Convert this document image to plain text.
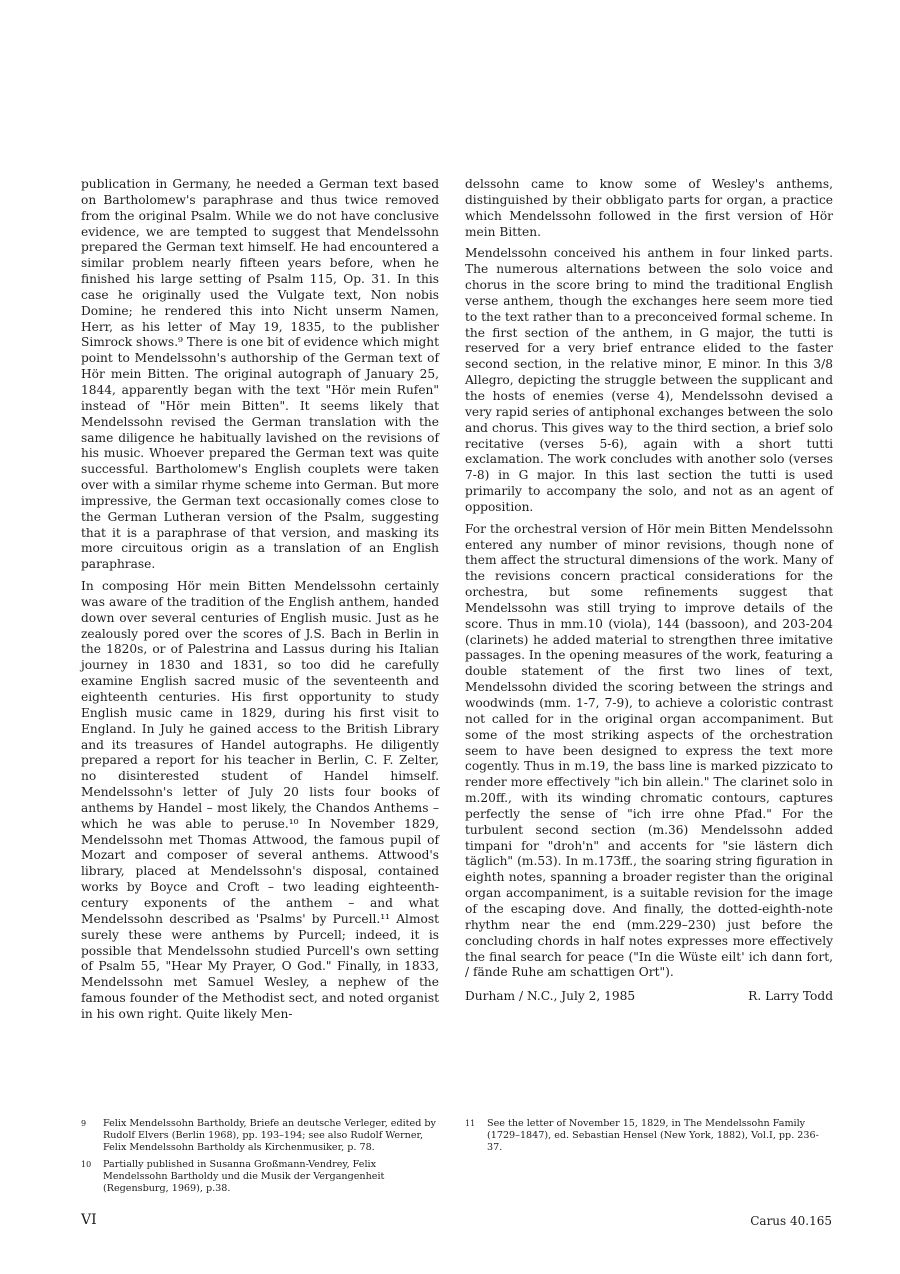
publication in Germany, he needed a German text based on Bartholomew's paraphrase and thus twice removed from the original Psalm. While we do not have conclusive evidence, we are tempted to suggest that Mendelssohn prepared the German text himself. He had encountered a similar problem nearly fifteen years before, when he finished his large setting of Psalm 115, Op. 31. In this case he originally used the Vulgate text, Non nobis Domine; he rendered this into Nicht unserm Namen, Herr, as his letter of May 19, 1835, to the publisher Simrock shows.⁹ There is one bit of evidence which might point to Mendelssohn's authorship of the German text of Hör mein Bitten. The original autograph of January 25, 1844, apparently began with the text "Hör mein Rufen" instead of "Hör mein Bitten". It seems likely that Mendelssohn revised the German translation with the same diligence he habitually lavished on the revisions of his music. Whoever prepared the German text was quite successful. Bartholomew's English couplets were taken over with a similar rhyme scheme into German. But more impressive, the German text occasionally comes close to the German Lutheran version of the Psalm, suggesting that it is a paraphrase of that version, and masking its more circuitous origin as a translation of an English paraphrase.

In composing Hör mein Bitten Mendelssohn certainly was aware of the tradition of the English anthem, handed down over several centuries of English music. Just as he zealously pored over the scores of J.S. Bach in Berlin in the 1820s, or of Palestrina and Lassus during his Italian journey in 1830 and 1831, so too did he carefully examine English sacred music of the seventeenth and eighteenth centuries. His first opportunity to study English music came in 1829, during his first visit to England. In July he gained access to the British Library and its treasures of Handel autographs. He diligently prepared a report for his teacher in Berlin, C. F. Zelter, no disinterested student of Handel himself. Mendelssohn's letter of July 20 lists four books of anthems by Handel – most likely, the Chandos Anthems – which he was able to peruse.¹⁰ In November 1829, Mendelssohn met Thomas Attwood, the famous pupil of Mozart and composer of several anthems. Attwood's library, placed at Mendelssohn's disposal, contained works by Boyce and Croft – two leading eighteenth-century exponents of the anthem – and what Mendelssohn described as 'Psalms' by Purcell.¹¹ Almost surely these were anthems by Purcell; indeed, it is possible that Mendelssohn studied Purcell's own setting of Psalm 55, "Hear My Prayer, O God." Finally, in 1833, Mendelssohn met Samuel Wesley, a nephew of the famous founder of the Methodist sect, and noted organist in his own right. Quite likely Men-

delssohn came to know some of Wesley's anthems, distinguished by their obbligato parts for organ, a practice which Mendelssohn followed in the first version of Hör mein Bitten.

Mendelssohn conceived his anthem in four linked parts. The numerous alternations between the solo voice and chorus in the score bring to mind the traditional English verse anthem, though the exchanges here seem more tied to the text rather than to a preconceived formal scheme. In the first section of the anthem, in G major, the tutti is reserved for a very brief entrance elided to the faster second section, in the relative minor, E minor. In this 3/8 Allegro, depicting the struggle between the supplicant and the hosts of enemies (verse 4), Mendelssohn devised a very rapid series of antiphonal exchanges between the solo and chorus. This gives way to the third section, a brief solo recitative (verses 5-6), again with a short tutti exclamation. The work concludes with another solo (verses 7-8) in G major. In this last section the tutti is used primarily to accompany the solo, and not as an agent of opposition.

For the orchestral version of Hör mein Bitten Mendelssohn entered any number of minor revisions, though none of them affect the structural dimensions of the work. Many of the revisions concern practical considerations for the orchestra, but some refinements suggest that Mendelssohn was still trying to improve details of the score. Thus in mm.10 (viola), 144 (bassoon), and 203-204 (clarinets) he added material to strengthen three imitative passages. In the opening measures of the work, featuring a double statement of the first two lines of text, Mendelssohn divided the scoring between the strings and woodwinds (mm. 1-7, 7-9), to achieve a coloristic contrast not called for in the original organ accompaniment. But some of the most striking aspects of the orchestration seem to have been designed to express the text more cogently. Thus in m.19, the bass line is marked pizzicato to render more effectively "ich bin allein." The clarinet solo in m.20ff., with its winding chromatic contours, captures perfectly the sense of "ich irre ohne Pfad." For the turbulent second section (m.36) Mendelssohn added timpani for "droh'n" and accents for "sie lästern dich täglich" (m.53). In m.173ff., the soaring string figuration in eighth notes, spanning a broader register than the original organ accompaniment, is a suitable revision for the image of the escaping dove. And finally, the dotted-eighth-note rhythm near the end (mm.229–230) just before the concluding chords in half notes expresses more effectively the final search for peace ("In die Wüste eilt' ich dann fort, / fände Ruhe am schattigen Ort").

Durham / N.C., July 2, 1985	R. Larry Todd
9	Felix Mendelssohn Bartholdy, Briefe an deutsche Verleger, edited by Rudolf Elvers (Berlin 1968), pp. 193–194; see also Rudolf Werner, Felix Mendelssohn Bartholdy als Kirchenmusiker, p. 78.
10	Partially published in Susanna Großmann-Vendrey, Felix Mendelssohn Bartholdy und die Musik der Vergangenheit (Regensburg, 1969), p.38.
11	See the letter of November 15, 1829, in The Mendelssohn Family (1729–1847), ed. Sebastian Hensel (New York, 1882), Vol.I, pp. 236-37.
VI	Carus 40.165
